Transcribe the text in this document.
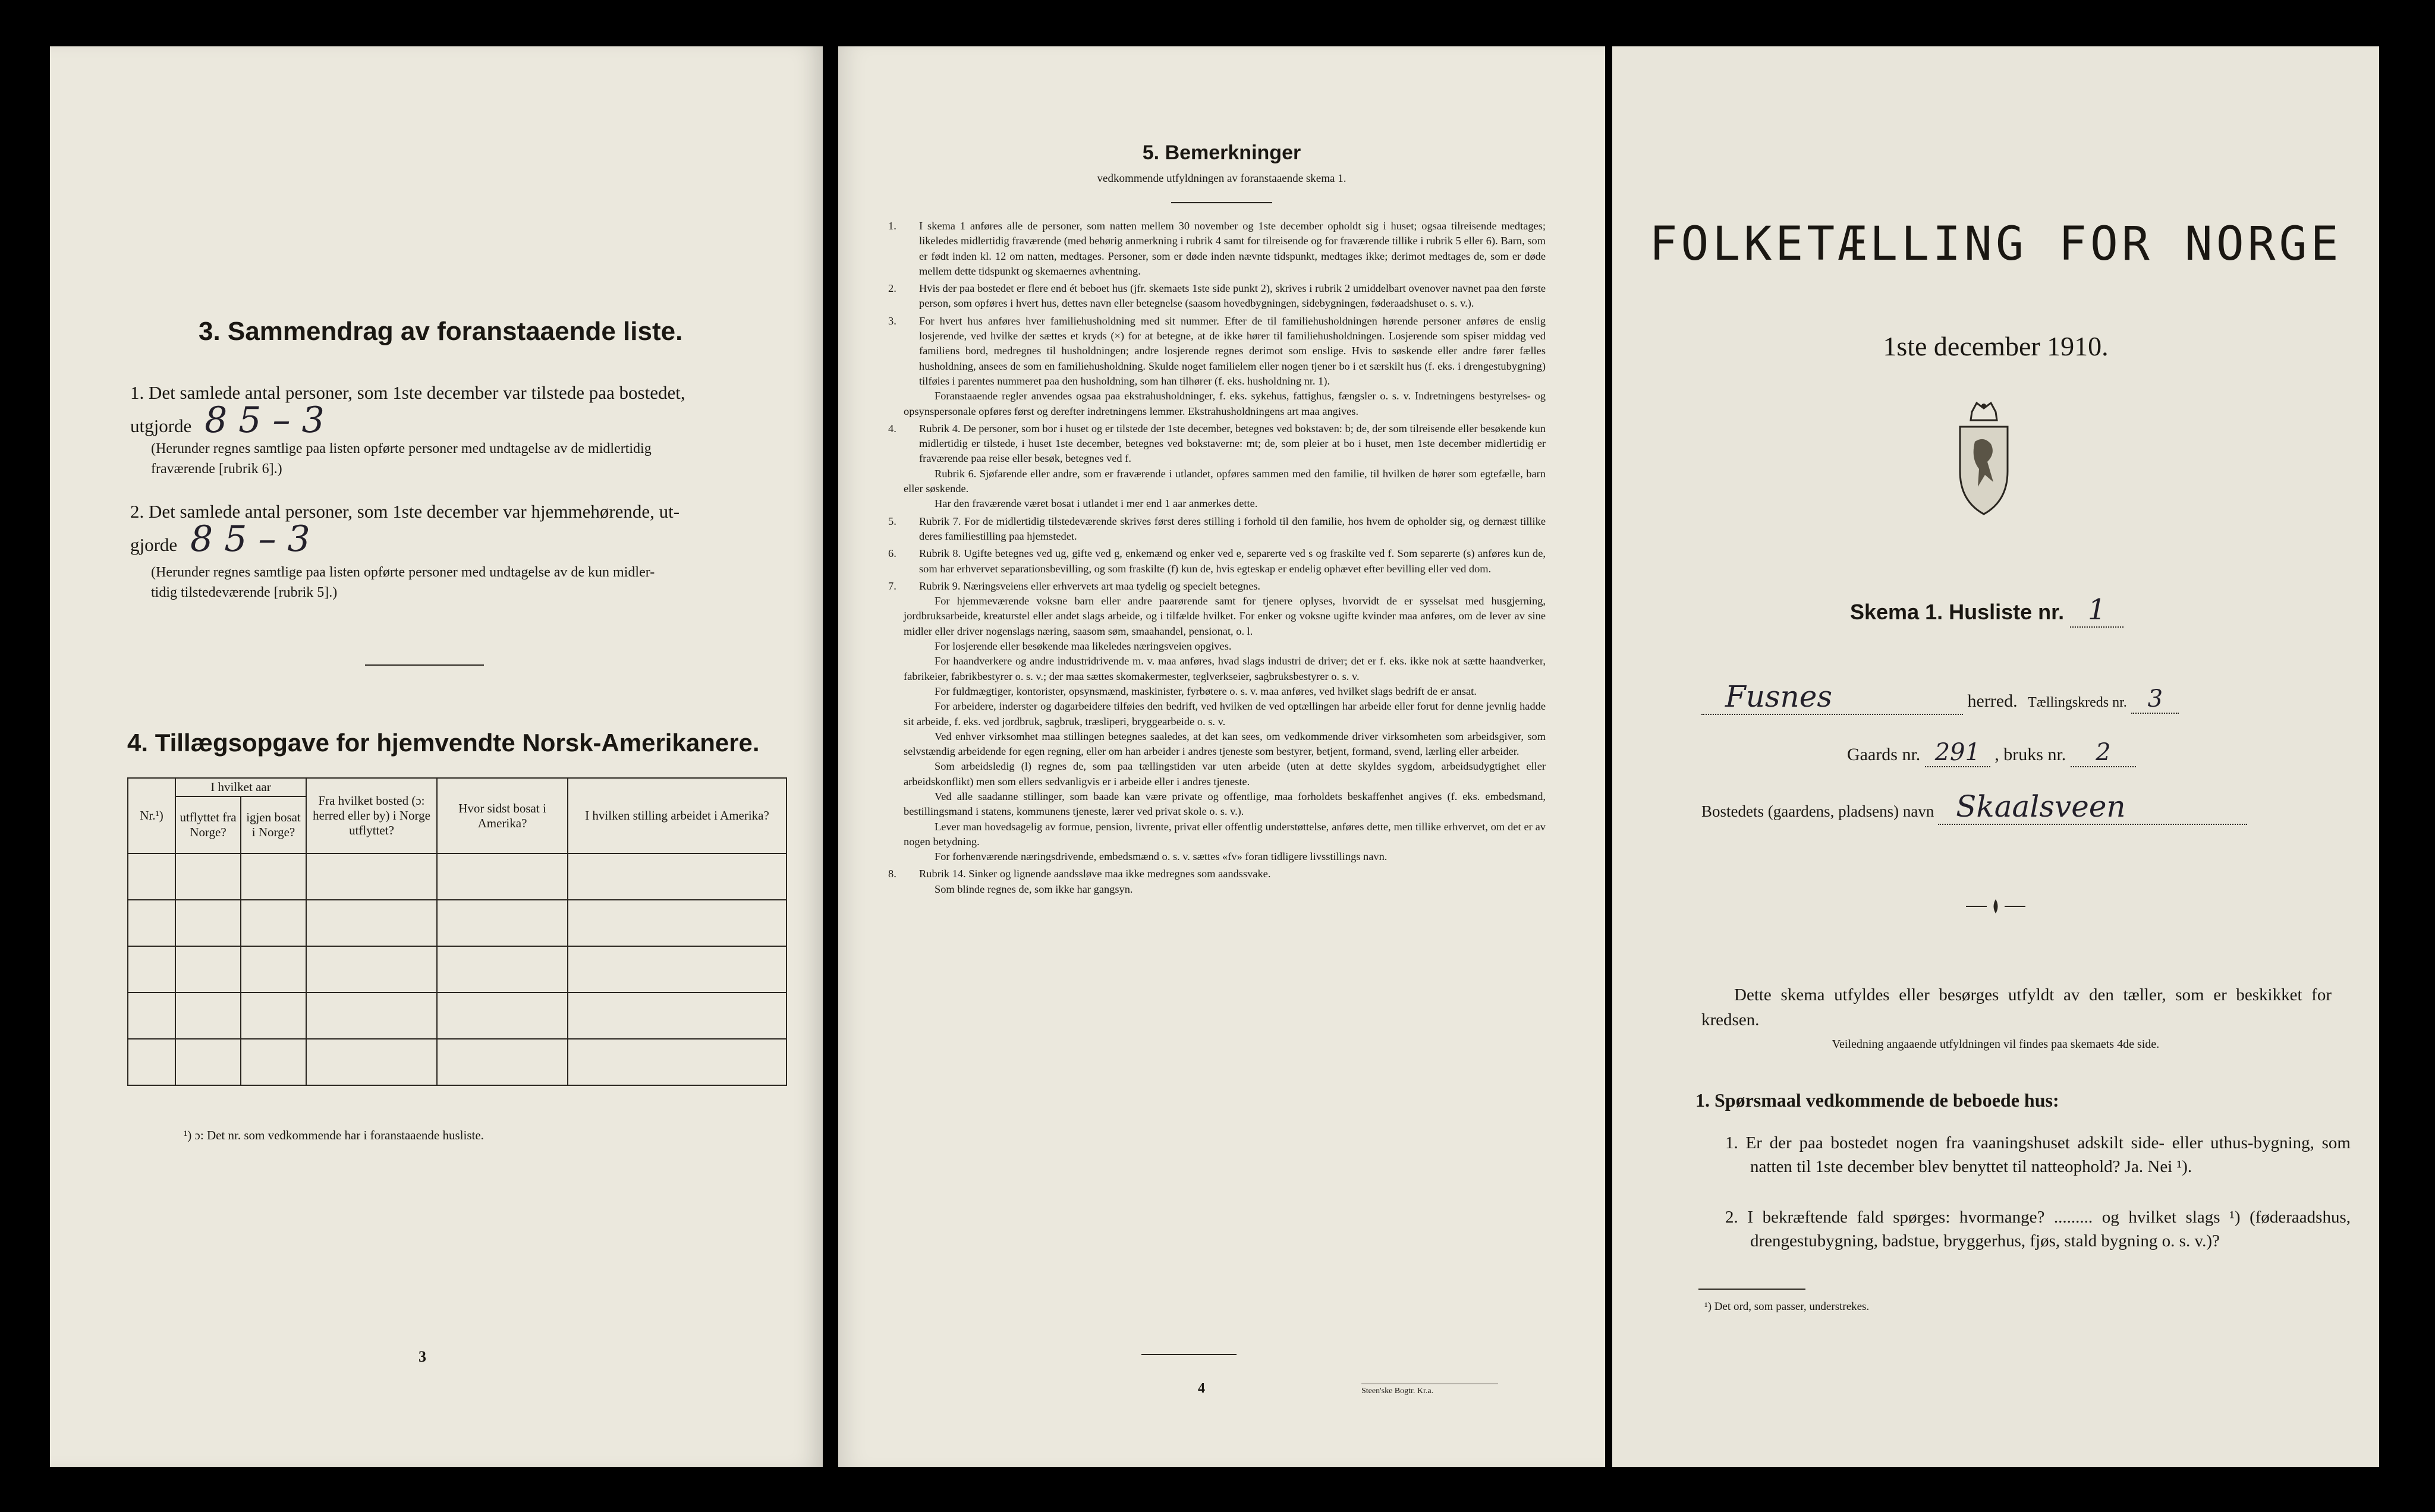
3. Sammendrag av foranstaaende liste.
1. Det samlede antal personer, som 1ste december var tilstede paa bostedet,
utgjorde 8 5 – 3
(Herunder regnes samtlige paa listen opførte personer med undtagelse av de midlertidig
fraværende [rubrik 6].)
2. Det samlede antal personer, som 1ste december var hjemmehørende, ut-
gjorde 8 5 – 3
(Herunder regnes samtlige paa listen opførte personer med undtagelse av de kun midler-
tidig tilstedeværende [rubrik 5].)
4. Tillægsopgave for hjemvendte Norsk-Amerikanere.
Nr.¹)	I hvilket aar		Fra hvilket bosted (ɔ: herred eller by) i Norge utflyttet?	Hvor sidst bosat i Amerika?	I hvilken stilling arbeidet i Amerika?
	utflyttet fra Norge?	igjen bosat i Norge?			

¹) ɔ: Det nr. som vedkommende har i foranstaaende husliste.
3
5. Bemerkninger
vedkommende utfyldningen av foranstaaende skema 1.

1. I skema 1 anføres alle de personer, som natten mellem 30 november og 1ste december opholdt sig i huset; ogsaa tilreisende medtages; likeledes midlertidig fraværende (med behørig anmerkning i rubrik 4 samt for tilreisende og for fraværende tillike i rubrik 5 eller 6). Barn, som er født inden kl. 12 om natten, medtages. Personer, som er døde inden nævnte tidspunkt, medtages ikke; derimot medtages de, som er døde mellem dette tidspunkt og skemaernes avhentning.

2. Hvis der paa bostedet er flere end ét beboet hus (jfr. skemaets 1ste side punkt 2), skrives i rubrik 2 umiddelbart ovenover navnet paa den første person, som opføres i hvert hus, dettes navn eller betegnelse (saasom hovedbygningen, sidebygningen, føderaadshuset o. s. v.).

3. For hvert hus anføres hver familiehusholdning med sit nummer. Efter de til familiehusholdningen hørende personer anføres de enslig losjerende, ved hvilke der sættes et kryds (×) for at betegne, at de ikke hører til familiehusholdningen. Losjerende som spiser middag ved familiens bord, medregnes til husholdningen; andre losjerende regnes derimot som enslige. Hvis to søskende eller andre fører fælles husholdning, ansees de som en familiehusholdning. Skulde noget familielem eller nogen tjener bo i et særskilt hus (f. eks. i drengestubygning) tilføies i parentes nummeret paa den husholdning, som han tilhører (f. eks. husholdning nr. 1).

Foranstaaende regler anvendes ogsaa paa ekstrahusholdninger, f. eks. sykehus, fattighus, fængsler o. s. v. Indretningens bestyrelses- og opsynspersonale opføres først og derefter indretningens lemmer. Ekstrahusholdningens art maa angives.

4. Rubrik 4. De personer, som bor i huset og er tilstede der 1ste december, betegnes ved bokstaven: b; de, der som tilreisende eller besøkende kun midlertidig er tilstede, i huset 1ste december, betegnes ved bokstaverne: mt; de, som pleier at bo i huset, men 1ste december midlertidig er fraværende paa reise eller besøk, betegnes ved f.

Rubrik 6. Sjøfarende eller andre, som er fraværende i utlandet, opføres sammen med den familie, til hvilken de hører som egtefælle, barn eller søskende.

Har den fraværende været bosat i utlandet i mer end 1 aar anmerkes dette.

5. Rubrik 7. For de midlertidig tilstedeværende skrives først deres stilling i forhold til den familie, hos hvem de opholder sig, og dernæst tillike deres familiestilling paa hjemstedet.

6. Rubrik 8. Ugifte betegnes ved ug, gifte ved g, enkemænd og enker ved e, separerte ved s og fraskilte ved f. Som separerte (s) anføres kun de, som har erhvervet separationsbevilling, og som fraskilte (f) kun de, hvis egteskap er endelig ophævet efter bevilling eller ved dom.

7. Rubrik 9. Næringsveiens eller erhvervets art maa tydelig og specielt betegnes.

For hjemmeværende voksne barn eller andre paarørende samt for tjenere oplyses, hvorvidt de er sysselsat med husgjerning, jordbruksarbeide, kreaturstel eller andet slags arbeide, og i tilfælde hvilket. For enker og voksne ugifte kvinder maa anføres, om de lever av sine midler eller driver nogenslags næring, saasom søm, smaahandel, pensionat, o. l.

For losjerende eller besøkende maa likeledes næringsveien opgives.

For haandverkere og andre industridrivende m. v. maa anføres, hvad slags industri de driver; det er f. eks. ikke nok at sætte haandverker, fabrikeier, fabrikbestyrer o. s. v.; der maa sættes skomakermester, teglverkseier, sagbruksbestyrer o. s. v.

For fuldmægtiger, kontorister, opsynsmænd, maskinister, fyrbøtere o. s. v. maa anføres, ved hvilket slags bedrift de er ansat.

For arbeidere, inderster og dagarbeidere tilføies den bedrift, ved hvilken de ved optællingen har arbeide eller forut for denne jevnlig hadde sit arbeide, f. eks. ved jordbruk, sagbruk, træsliperi, bryggearbeide o. s. v.

Ved enhver virksomhet maa stillingen betegnes saaledes, at det kan sees, om vedkommende driver virksomheten som arbeidsgiver, som selvstændig arbeidende for egen regning, eller om han arbeider i andres tjeneste som bestyrer, betjent, formand, svend, lærling eller arbeider.

Som arbeidsledig (l) regnes de, som paa tællingstiden var uten arbeide (uten at dette skyldes sygdom, arbeidsudygtighet eller arbeidskonflikt) men som ellers sedvanligvis er i arbeide eller i andres tjeneste.

Ved alle saadanne stillinger, som baade kan være private og offentlige, maa forholdets beskaffenhet angives (f. eks. embedsmand, bestillingsmand i statens, kommunens tjeneste, lærer ved privat skole o. s. v.).

Lever man hovedsagelig av formue, pension, livrente, privat eller offentlig understøttelse, anføres dette, men tillike erhvervet, om det er av nogen betydning.

For forhenværende næringsdrivende, embedsmænd o. s. v. sættes «fv» foran tidligere livsstillings navn.

8. Rubrik 14. Sinker og lignende aandssløve maa ikke medregnes som aandssvake.

Som blinde regnes de, som ikke har gangsyn.

4	Steen'ske Bogtr. Kr.a.
FOLKETÆLLING FOR NORGE
1ste december 1910.
Skema 1. Husliste nr. 1
Fusnes	herred. Tællingskreds nr. 3
Gaards nr. 291 , bruks nr. 2
Bostedets (gaardens, pladsens) navn Skaalsveen
Dette skema utfyldes eller besørges utfyldt av den tæller, som er beskikket for kredsen.
Veiledning angaaende utfyldningen vil findes paa skemaets 4de side.
1. Spørsmaal vedkommende de beboede hus:
1. Er der paa bostedet nogen fra vaaningshuset adskilt side- eller uthus-bygning, som natten til 1ste december blev benyttet til natteophold? Ja. Nei ¹).
2. I bekræftende fald spørges: hvormange? ......... og hvilket slags ¹) (føderaadshus, drengestubygning, badstue, bryggerhus, fjøs, stald bygning o. s. v.)?
¹) Det ord, som passer, understrekes.
